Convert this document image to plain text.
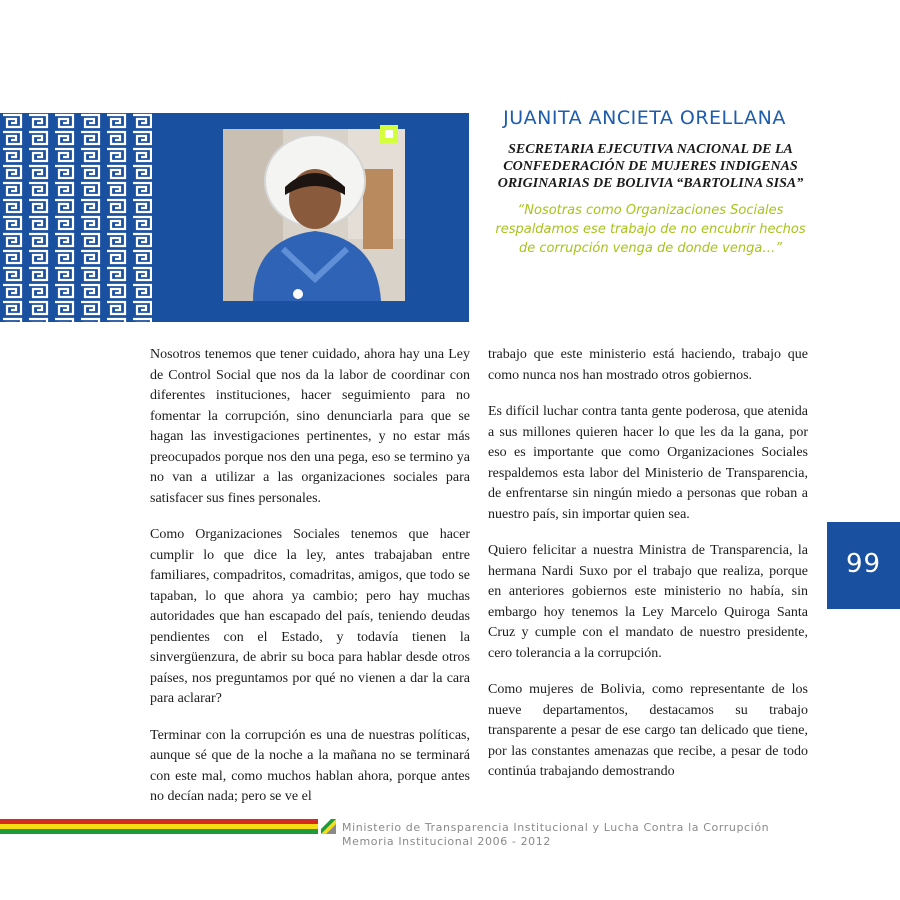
JUANITA ANCIETA ORELLANA
SECRETARIA EJECUTIVA NACIONAL DE LA
CONFEDERACIÓN DE MUJERES INDIGENAS
ORIGINARIAS DE BOLIVIA “BARTOLINA SISA”
“Nosotras como Organizaciones Sociales
respaldamos ese trabajo de no encubrir hechos
de corrupción venga de donde venga…”

Nosotros tenemos que tener cuidado, ahora hay una Ley de Control Social que nos da la labor de coordinar con diferentes instituciones, hacer seguimiento para no fomentar la corrupción, sino denunciarla para que se hagan las investigaciones pertinentes, y no estar más preocupados porque nos den una pega, eso se termino ya no van a utilizar a las organizaciones sociales para satisfacer sus fines personales.

Como Organizaciones Sociales tenemos que hacer cumplir lo que dice la ley, antes trabajaban entre familiares, compadritos, comadritas, amigos, que todo se tapaban, lo que ahora ya cambio; pero hay muchas autoridades que han escapado del país, teniendo deudas pendientes con el Estado, y todavía tienen la sinvergüenzura, de abrir su boca para hablar desde otros países, nos preguntamos por qué no vienen a dar la cara para aclarar?

Terminar con la corrupción es una de nuestras políticas, aunque sé que de la noche a la mañana no se terminará con este mal, como muchos hablan ahora, porque antes no decían nada; pero se ve el

trabajo que este ministerio está haciendo, trabajo que como nunca nos han mostrado otros gobiernos.

Es difícil luchar contra tanta gente poderosa, que atenida a sus millones quieren hacer lo que les da la gana, por eso es importante que como Organizaciones Sociales respaldemos esta labor del Ministerio de Transparencia, de enfrentarse sin ningún miedo a personas que roban a nuestro país, sin importar quien sea.

Quiero felicitar a nuestra Ministra de Transparencia, la hermana Nardi Suxo por el trabajo que realiza, porque en anteriores gobiernos este ministerio no había, sin embargo hoy tenemos la Ley Marcelo Quiroga Santa Cruz y cumple con el mandato de nuestro presidente, cero tolerancia a la corrupción.

Como mujeres de Bolivia, como representante de los nueve departamentos, destacamos su trabajo transparente a pesar de ese cargo tan delicado que tiene, por las constantes amenazas que recibe, a pesar de todo continúa trabajando demostrando

99
Ministerio de Transparencia Institucional y Lucha Contra la Corrupción
Memoria Institucional 2006 - 2012
